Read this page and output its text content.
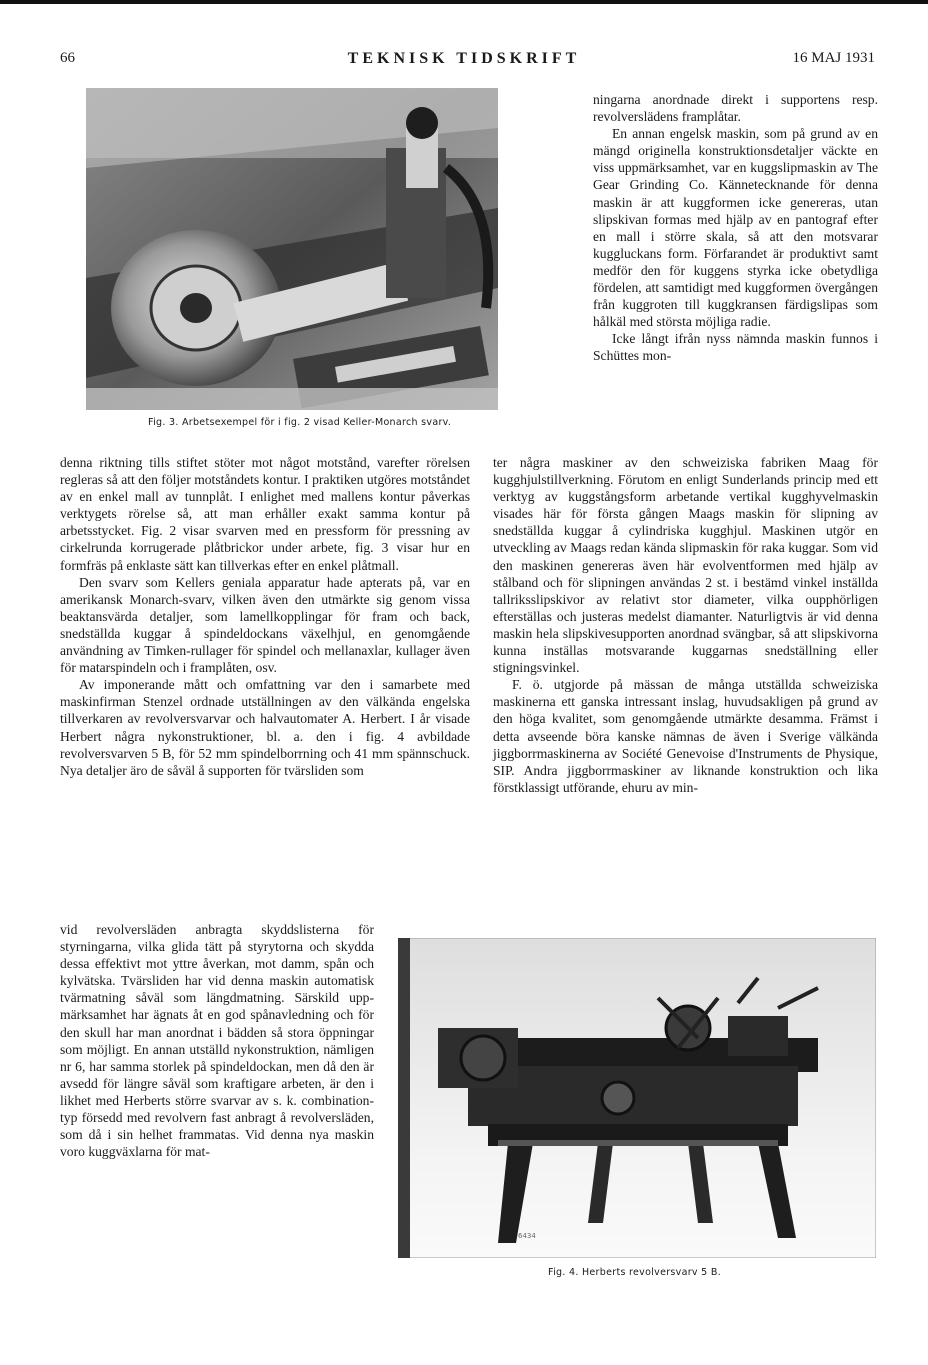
66	TEKNISK TIDSKRIFT	16 MAJ 1931
Fig. 3. Arbetsexempel för i fig. 2 visad Keller-Monarch svarv.

ningarna anordnade direkt i supportens resp. revolverslädens framplåtar.

En annan engelsk maskin, som på grund av en mängd originella konstruktionsdetaljer väckte en viss uppmärksamhet, var en kuggslipmaskin av The Gear Grinding Co. Kännetecknande för denna maskin är att kuggformen icke genereras, utan slipskivan formas med hjälp av en pantograf efter en mall i större skala, så att den motsvarar kuggluckans form. Förfarandet är produktivt samt medför den för kuggens styrka icke obetydliga fördelen, att samtidigt med kuggformen övergången från kuggroten till kuggkransen färdigslipas som hålkäl med största möjliga radie.

Icke långt ifrån nyss nämnda maskin funnos i Schüttes mon-

denna riktning tills stiftet stöter mot något motstånd, varefter rörelsen regleras så att den följer motståndets kontur. I praktiken utgöres motståndet av en enkel mall av tunnplåt. I enlighet med mallens kontur påverkas verktygets rörelse så, att man erhåller exakt samma kontur på arbetsstycket. Fig. 2 visar svarven med en pressform för pressning av cirkelrunda korrugerade plåtbrickor under arbete, fig. 3 visar hur en formfräs på enklaste sätt kan tillverkas efter en enkel plåtmall.

Den svarv som Kellers geniala apparatur hade apterats på, var en amerikansk Monarch-svarv, vilken även den utmärkte sig genom vissa beaktansvärda detaljer, som lamellkopplingar för fram och back, snedställda kuggar å spindeldockans växelhjul, en genomgående användning av Timken-rullager för spindel och mellanaxlar, kullager även för matarspindeln och i framplåten, osv.

Av imponerande mått och omfattning var den i samarbete med maskinfirman Stenzel ordnade utställningen av den välkända engelska tillverkaren av revolversvarvar och halvautomater A. Herbert. I år visade Herbert några nykonstruktioner, bl. a. den i fig. 4 avbildade revolversvarven 5 B, för 52 mm spindelborrning och 41 mm spännschuck. Nya detaljer äro de såväl å supporten för tvärsliden som

ter några maskiner av den schweiziska fabriken Maag för kugghjulstillverkning. Förutom en enligt Sunderlands princip med ett verktyg av kuggstångsform arbetande vertikal kugghyvelmaskin visades här för första gången Maags maskin för slipning av snedställda kuggar å cylindriska kugghjul. Maskinen utgör en utveckling av Maags redan kända slipmaskin för raka kuggar. Som vid den maskinen genereras även här evolventformen med hjälp av stålband och för slipningen användas 2 st. i bestämd vinkel inställda tallriksslipskivor av relativt stor diameter, vilka oupphörligen efterställas och justeras medelst diamanter. Naturligtvis är vid denna maskin hela slipskivesupporten anordnad svängbar, så att slipskivorna kunna inställas motsvarande kuggarnas snedställning eller stigningsvinkel.

F. ö. utgjorde på mässan de många utställda schweiziska maskinerna ett ganska intressant inslag, huvudsakligen på grund av den höga kvalitet, som genomgående utmärkte desamma. Främst i detta avseende böra kanske nämnas de även i Sverige välkända jiggborrmaskinerna av Société Genevoise d'Instruments de Physique, SIP. Andra jiggborrmaskiner av liknande konstruktion och lika förstklassigt utförande, ehuru av min-

vid revolversläden anbragta skyddslisterna för styrningarna, vilka glida tätt på styrytorna och skydda dessa effektivt mot yttre åverkan, mot damm, spån och kylvätska. Tvärsliden har vid denna maskin automatisk tvärmatning såväl som längdmatning. Särskild uppmärksamhet har ägnats åt en god spånavledning och för den skull har man anordnat i bädden så stora öppningar som möjligt. En annan utställd nykonstruktion, nämligen nr 6, har samma storlek på spindeldockan, men då den är avsedd för längre såväl som kraftigare arbeten, är den i likhet med Herberts större svarvar av s. k. combination-typ försedd med revolvern fast anbragt å revolversläden, som då i sin helhet frammatas. Vid denna nya maskin voro kuggväxlarna för mat-

6434
Fig. 4. Herberts revolversvarv 5 B.
